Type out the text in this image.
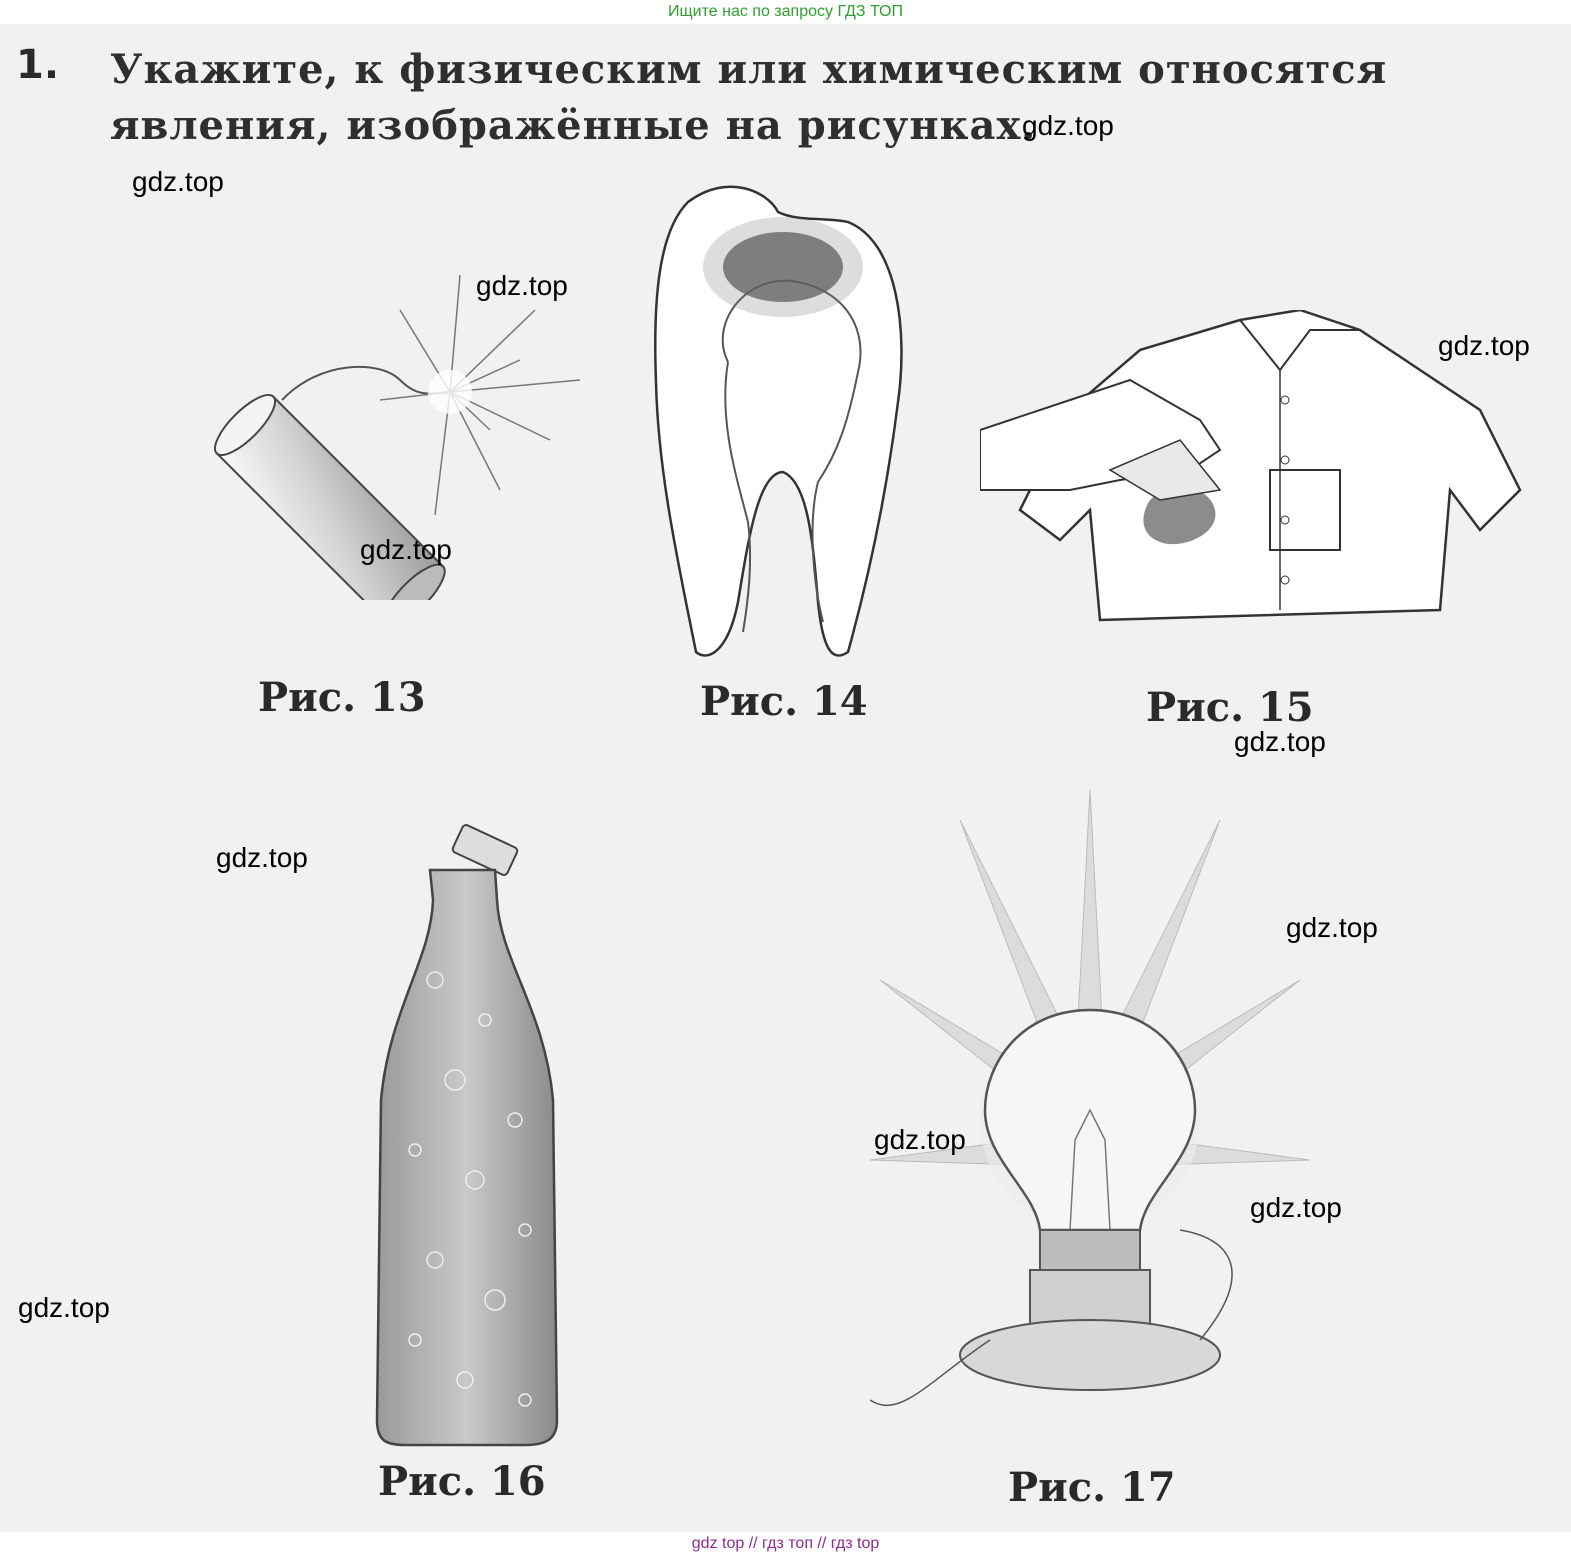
Ищите нас по запросу ГДЗ ТОП
1. Укажите, к физическим или химическим относятся явления, изображённые на рисунках.
Рис. 13	Рис. 14	Рис. 15
Рис. 16	Рис. 17
gdz.top
gdz.top
gdz.top
gdz.top
gdz.top
gdz.top
gdz.top
gdz.top
gdz.top
gdz.top
gdz.top
gdz top // гдз топ // гдз top
